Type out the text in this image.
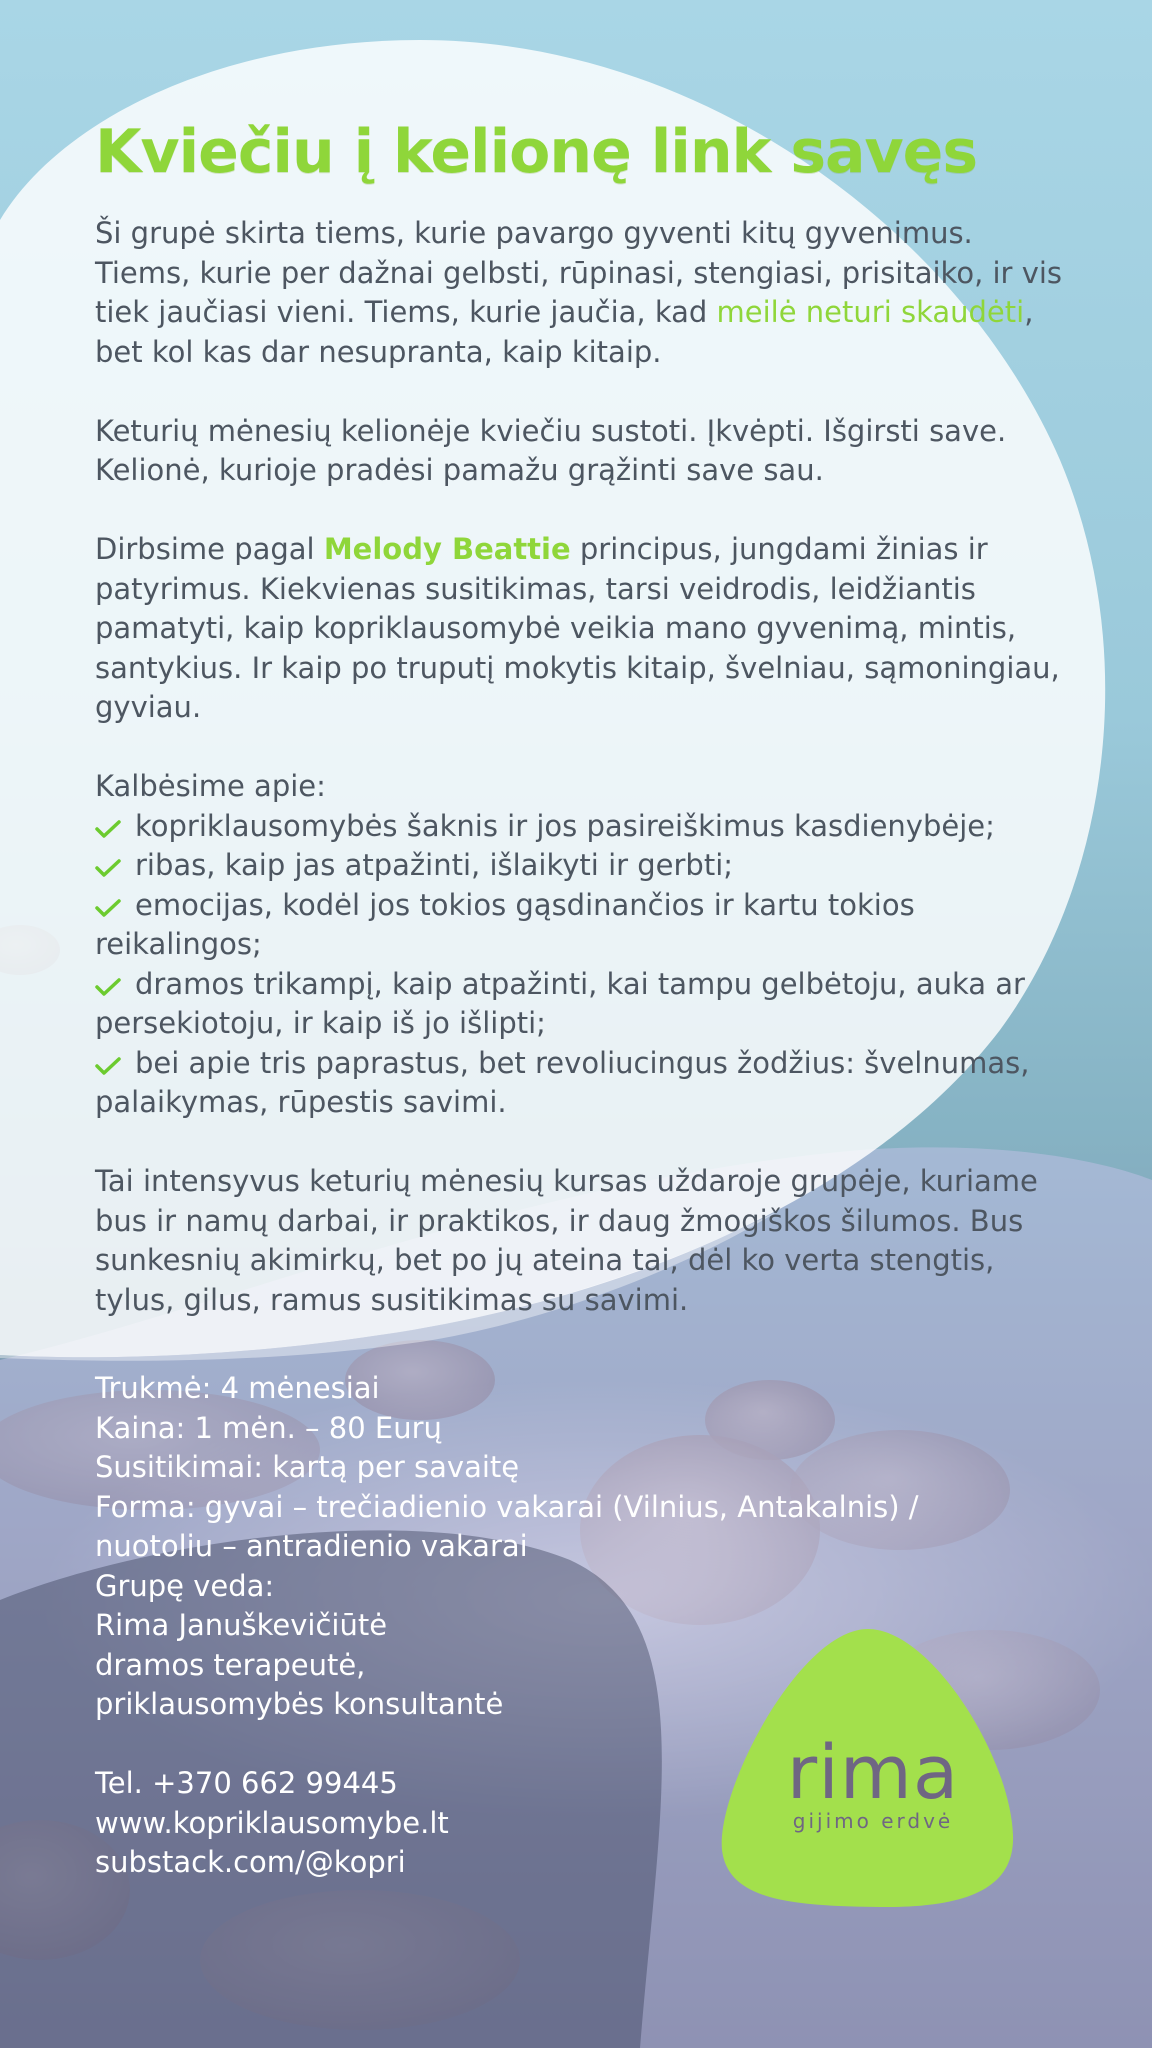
Kviečiu į kelionę link savęs

Ši grupė skirta tiems, kurie pavargo gyventi kitų gyvenimus. Tiems, kurie per dažnai gelbsti, rūpinasi, stengiasi, prisitaiko, ir vis tiek jaučiasi vieni. Tiems, kurie jaučia, kad meilė neturi skaudėti, bet kol kas dar nesupranta, kaip kitaip.

Keturių mėnesių kelionėje kviečiu sustoti. Įkvėpti. Išgirsti save. Kelionė, kurioje pradėsi pamažu grąžinti save sau.

Dirbsime pagal Melody Beattie principus, jungdami žinias ir patyrimus. Kiekvienas susitikimas, tarsi veidrodis, leidžiantis pamatyti, kaip kopriklausomybė veikia mano gyvenimą, mintis, santykius. Ir kaip po truputį mokytis kitaip, švelniau, sąmoningiau, gyviau.

Kalbėsime apie:

kopriklausomybės šaknis ir jos pasireiškimus kasdienybėje;
ribas, kaip jas atpažinti, išlaikyti ir gerbti;
emocijas, kodėl jos tokios gąsdinančios ir kartu tokios reikalingos;
dramos trikampį, kaip atpažinti, kai tampu gelbėtoju, auka ar persekiotoju, ir kaip iš jo išlipti;
bei apie tris paprastus, bet revoliucingus žodžius: švelnumas, palaikymas, rūpestis savimi.

Tai intensyvus keturių mėnesių kursas uždaroje grupėje, kuriame bus ir namų darbai, ir praktikos, ir daug žmogiškos šilumos. Bus sunkesnių akimirkų, bet po jų ateina tai, dėl ko verta stengtis, tylus, gilus, ramus susitikimas su savimi.

Trukmė: 4 mėnesiai
Kaina: 1 mėn. – 80 Eurų
Susitikimai: kartą per savaitę
Forma: gyvai – trečiadienio vakarai (Vilnius, Antakalnis) /
nuotoliu – antradienio vakarai
Grupę veda:
Rima Januškevičiūtė
dramos terapeutė,
priklausomybės konsultantė
Tel. +370 662 99445
www.kopriklausomybe.lt
substack.com/@kopri
rima
gijimo erdvė
